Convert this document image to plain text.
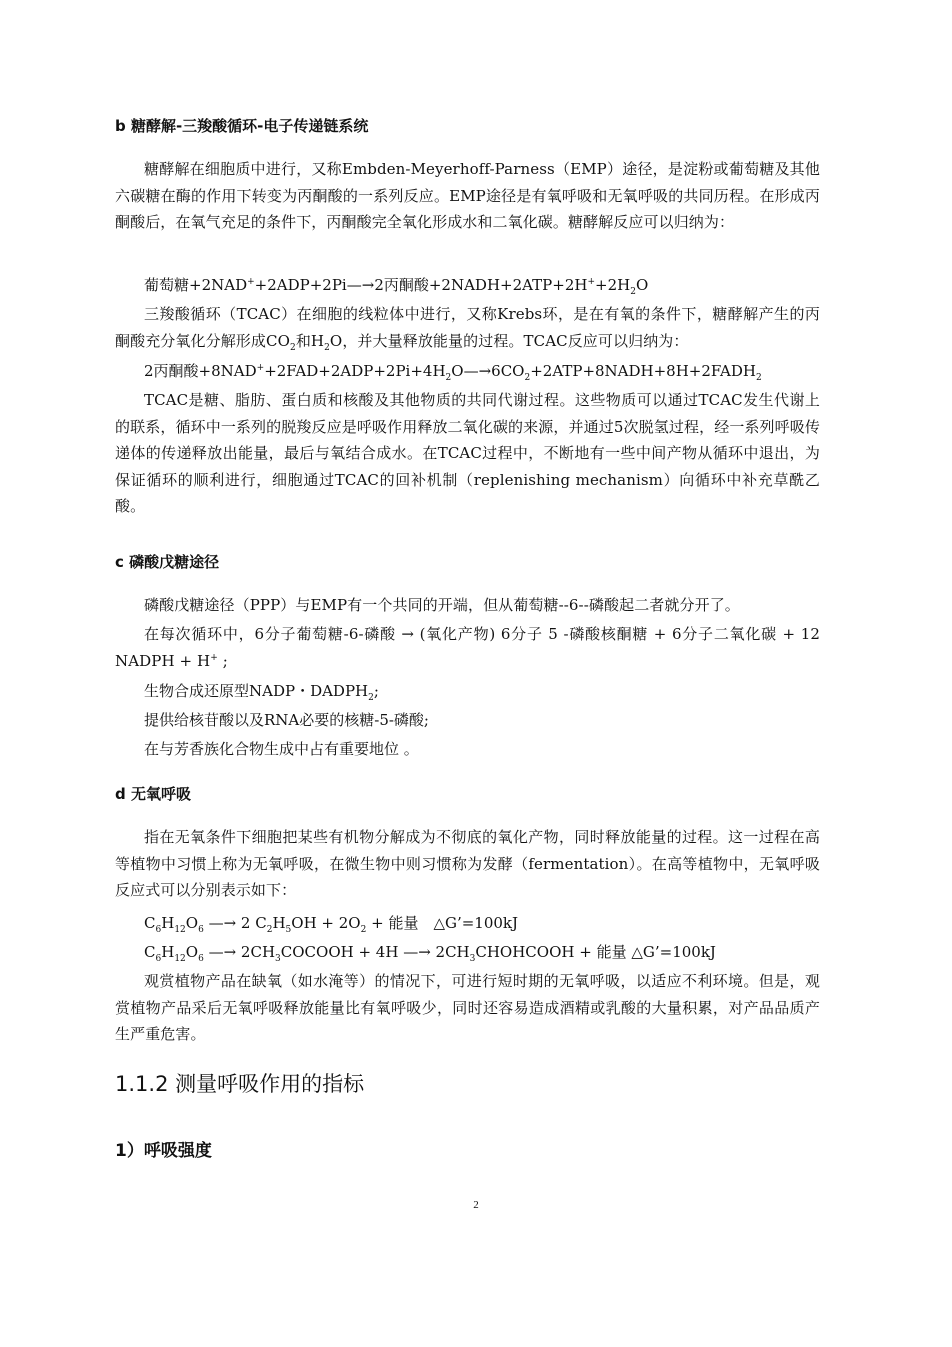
b 糖酵解-三羧酸循环-电子传递链系统
糖酵解在细胞质中进行，又称Embden-Meyerhoff-Parness（EMP）途径，是淀粉或葡萄糖及其他六碳糖在酶的作用下转变为丙酮酸的一系列反应。EMP途径是有氧呼吸和无氧呼吸的共同历程。在形成丙酮酸后，在氧气充足的条件下，丙酮酸完全氧化形成水和二氧化碳。糖酵解反应可以归纳为：
葡萄糖+2NAD++2ADP+2Pi—→2丙酮酸$+2NADH+2ATP+2H^++2H_2O$
三羧酸循环（TCAC）在细胞的线粒体中进行，又称Krebs环，是在有氧的条件下，糖酵解产生的丙酮酸充分氧化分解形成$CO_2$和$H_2O$，并大量释放能量的过程。TCAC反应可以归纳为：
2丙酮酸$+8NAD^++2FAD+2ADP+2Pi+4H_2O—\to 6CO_2+2ATP+8NADH+8H+2FADH_2$
TCAC是糖、脂肪、蛋白质和核酸及其他物质的共同代谢过程。这些物质可以通过TCAC发生代谢上的联系，循环中一系列的脱羧反应是呼吸作用释放二氧化碳的来源，并通过5次脱氢过程，经一系列呼吸传递体的传递释放出能量，最后与氧结合成水。在TCAC过程中，不断地有一些中间产物从循环中退出，为保证循环的顺利进行，细胞通过TCAC的回补机制（replenishing mechanism）向循环中补充草酰乙酸。
c 磷酸戊糖途径
磷酸戊糖途径（PPP）与EMP有一个共同的开端，但从葡萄糖--6--磷酸起二者就分开了。
在每次循环中，6分子葡萄糖-6-磷酸 → (氧化产物) 6分子 5 -磷酸核酮糖 + 6分子二氧化碳 + 12 NADPH + H+ ;
生物合成还原型NADP・$DADPH_2$;
提供给核苷酸以及RNA必要的核糖-5-磷酸;
在与芳香族化合物生成中占有重要地位 。
d 无氧呼吸
指在无氧条件下细胞把某些有机物分解成为不彻底的氧化产物，同时释放能量的过程。这一过程在高等植物中习惯上称为无氧呼吸，在微生物中则习惯称为发酵（fermentation）。在高等植物中，无氧呼吸反应式可以分别表示如下：
$C_6H_{12}O_6$ —→ 2 $C_2H_5OH + 2O_2$ + 能量　△G’=100kJ
$C_6H_{12}O_6$ —→ $2CH_3COCOOH + 4H$ —→ $2CH_3CHOHCOOH$ + 能量 △G’=100kJ
观赏植物产品在缺氧（如水淹等）的情况下，可进行短时期的无氧呼吸，以适应不利环境。但是，观赏植物产品采后无氧呼吸释放能量比有氧呼吸少，同时还容易造成酒精或乳酸的大量积累，对产品品质产生严重危害。
1.1.2 测量呼吸作用的指标
1）呼吸强度
2
